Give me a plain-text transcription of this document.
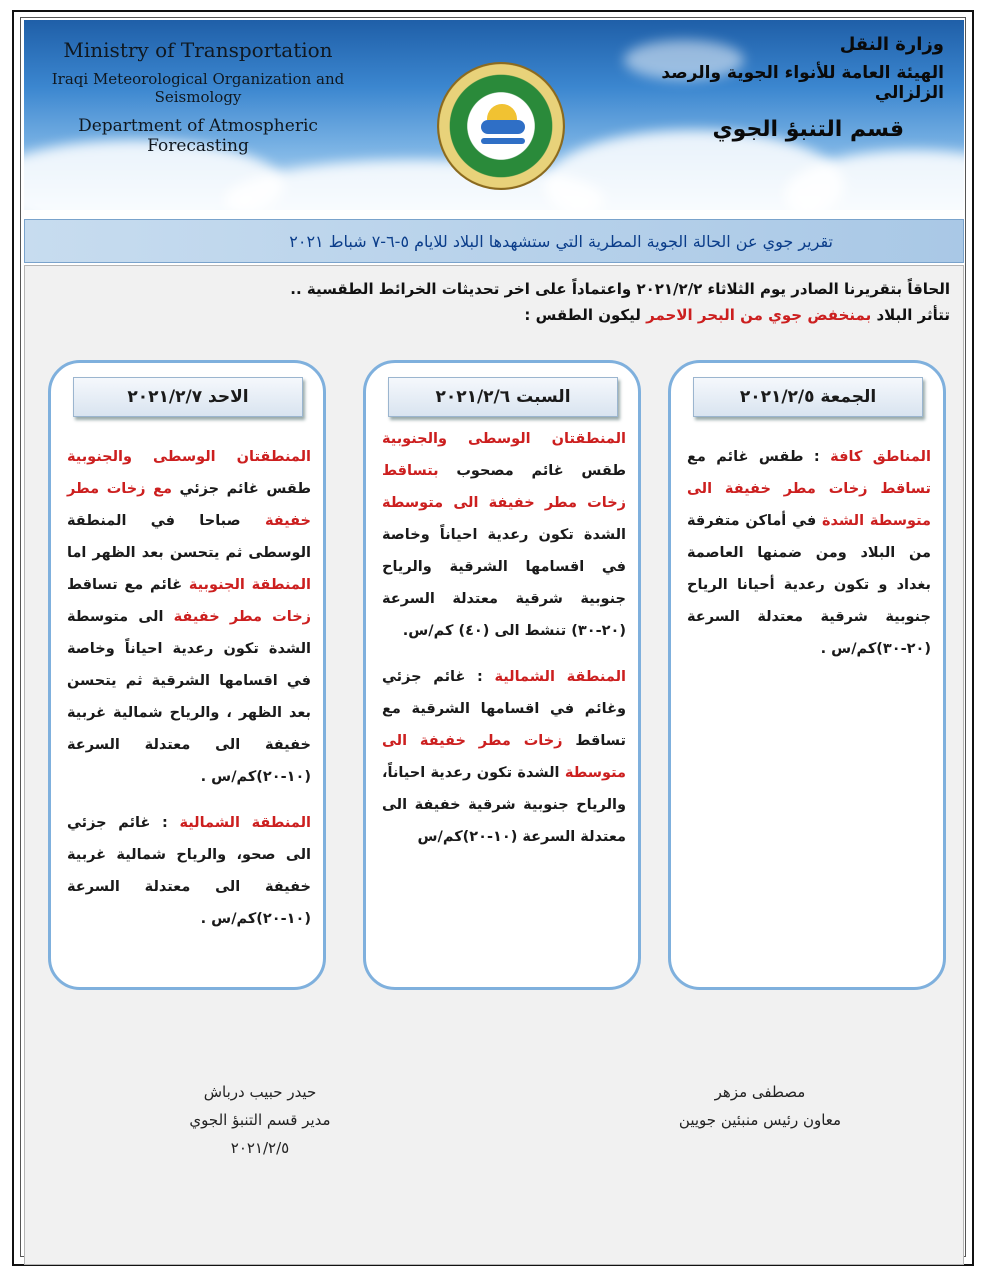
Ministry of Transportation
Iraqi Meteorological Organization and Seismology
Department of Atmospheric Forecasting
وزارة النقل
الهيئة العامة للأنواء الجوية والرصد الزلزالي
قسم التنبؤ الجوي
تقرير جوي عن الحالة الجوية المطرية التي ستشهدها البلاد للايام ٥-٦-٧ شباط ٢٠٢١
الحاقاً بتقريرنا الصادر يوم الثلاثاء ٢٠٢١/٢/٢ واعتماداً على اخر تحديثات الخرائط الطقسية ..
تتأثر البلاد بمنخفض جوي من البحر الاحمر ليكون الطقس :
الجمعة ٢٠٢١/٢/٥

المناطق كافة : طقس غائم مع تساقط زخات مطر خفيفة الى متوسطة الشدة في أماكن متفرقة من البلاد ومن ضمنها العاصمة بغداد و تكون رعدية أحيانا الرياح جنوبية شرقية معتدلة السرعة (٢٠-٣٠)كم/س .

السبت ٢٠٢١/٢/٦

المنطقتان الوسطى والجنوبية طقس غائم مصحوب بتساقط زخات مطر خفيفة الى متوسطة الشدة تكون رعدية احياناً وخاصة في اقسامها الشرقية والرياح جنوبية شرقية معتدلة السرعة (٢٠-٣٠) تنشط الى (٤٠) كم/س.

المنطقة الشمالية : غائم جزئي وغائم في اقسامها الشرقية مع تساقط زخات مطر خفيفة الى متوسطة الشدة تكون رعدية احياناً، والرياح جنوبية شرقية خفيفة الى معتدلة السرعة (١٠-٢٠)كم/س

الاحد ٢٠٢١/٢/٧

المنطقتان الوسطى والجنوبية طقس غائم جزئي مع زخات مطر خفيفة صباحا في المنطقة الوسطى ثم يتحسن بعد الظهر اما المنطقة الجنوبية غائم مع تساقط زخات مطر خفيفة الى متوسطة الشدة تكون رعدية احياناً وخاصة في اقسامها الشرقية ثم يتحسن بعد الظهر ، والرياح شمالية غربية خفيفة الى معتدلة السرعة (١٠-٢٠)كم/س .

المنطقة الشمالية : غائم جزئي الى صحو، والرياح شمالية غربية خفيفة الى معتدلة السرعة (١٠-٢٠)كم/س .

مصطفى مزهر
معاون رئيس منبئين جويين
حيدر حبيب درباش
مدير قسم التنبؤ الجوي
٢٠٢١/٢/٥
